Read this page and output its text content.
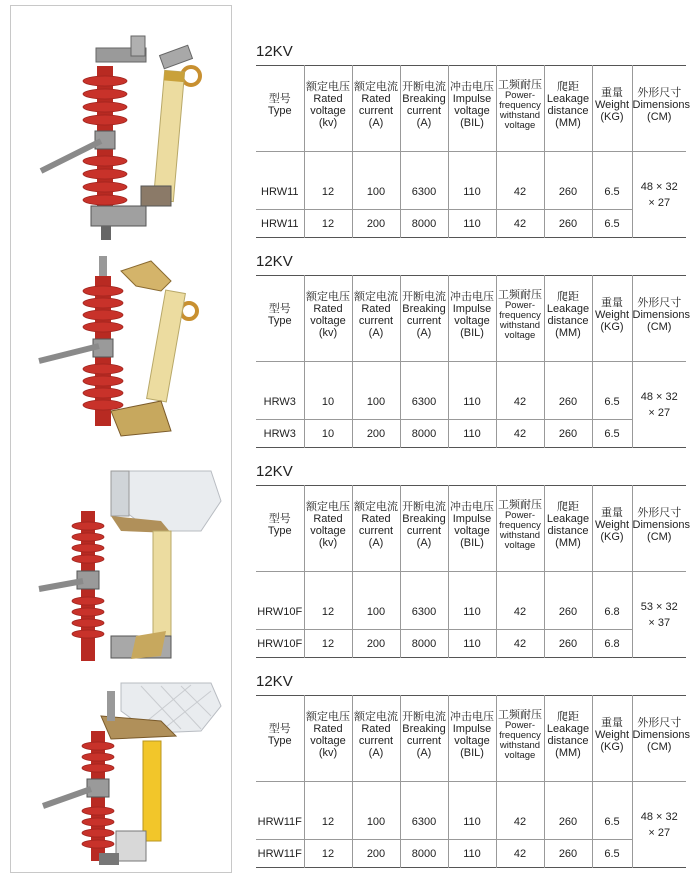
12KV
型号
Type	额定电压
Rated
voltage
(kv)	额定电流
Rated
current
(A)	开断电流
Breaking
current
(A)	冲击电压
Impulse
voltage
(BIL)	工频耐压
Power-
frequency
withstand
voltage	爬距
Leakage
distance
(MM)	重量
Weight
(KG)	外形尺寸
Dimensions
(CM)

HRW11	12	100	6300	110	42	260	6.5	48 × 32
× 27

HRW11	12	200	8000	110	42	260	6.5	
12KV
型号
Type	额定电压
Rated
voltage
(kv)	额定电流
Rated
current
(A)	开断电流
Breaking
current
(A)	冲击电压
Impulse
voltage
(BIL)	工频耐压
Power-
frequency
withstand
voltage	爬距
Leakage
distance
(MM)	重量
Weight
(KG)	外形尺寸
Dimensions
(CM)

HRW3	10	100	6300	110	42	260	6.5	48 × 32
× 27

HRW3	10	200	8000	110	42	260	6.5	
12KV
型号
Type	额定电压
Rated
voltage
(kv)	额定电流
Rated
current
(A)	开断电流
Breaking
current
(A)	冲击电压
Impulse
voltage
(BIL)	工频耐压
Power-
frequency
withstand
voltage	爬距
Leakage
distance
(MM)	重量
Weight
(KG)	外形尺寸
Dimensions
(CM)

HRW10F	12	100	6300	110	42	260	6.8	53 × 32
× 37

HRW10F	12	200	8000	110	42	260	6.8	
12KV
型号
Type	额定电压
Rated
voltage
(kv)	额定电流
Rated
current
(A)	开断电流
Breaking
current
(A)	冲击电压
Impulse
voltage
(BIL)	工频耐压
Power-
frequency
withstand
voltage	爬距
Leakage
distance
(MM)	重量
Weight
(KG)	外形尺寸
Dimensions
(CM)

HRW11F	12	100	6300	110	42	260	6.5	48 × 32
× 27

HRW11F	12	200	8000	110	42	260	6.5	
